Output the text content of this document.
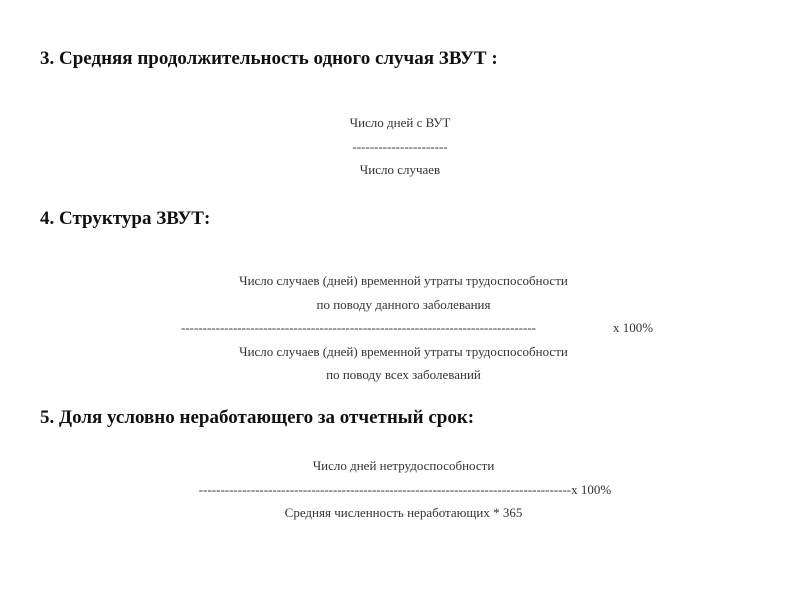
3. Средняя продолжительность одного случая ЗВУТ :
Число дней с ВУТ
----------------------
Число случаев
4. Структура ЗВУТ:
Число случаев (дней) временной утраты трудоспособности
по поводу данного заболевания
----------------------------------------------------------------------------------	х 100%
Число случаев (дней) временной утраты трудоспособности
по поводу всех заболеваний
5. Доля условно неработающего за отчетный срок:
Число дней нетрудоспособности
--------------------------------------------------------------------------------------х 100%
Средняя численность неработающих * 365
